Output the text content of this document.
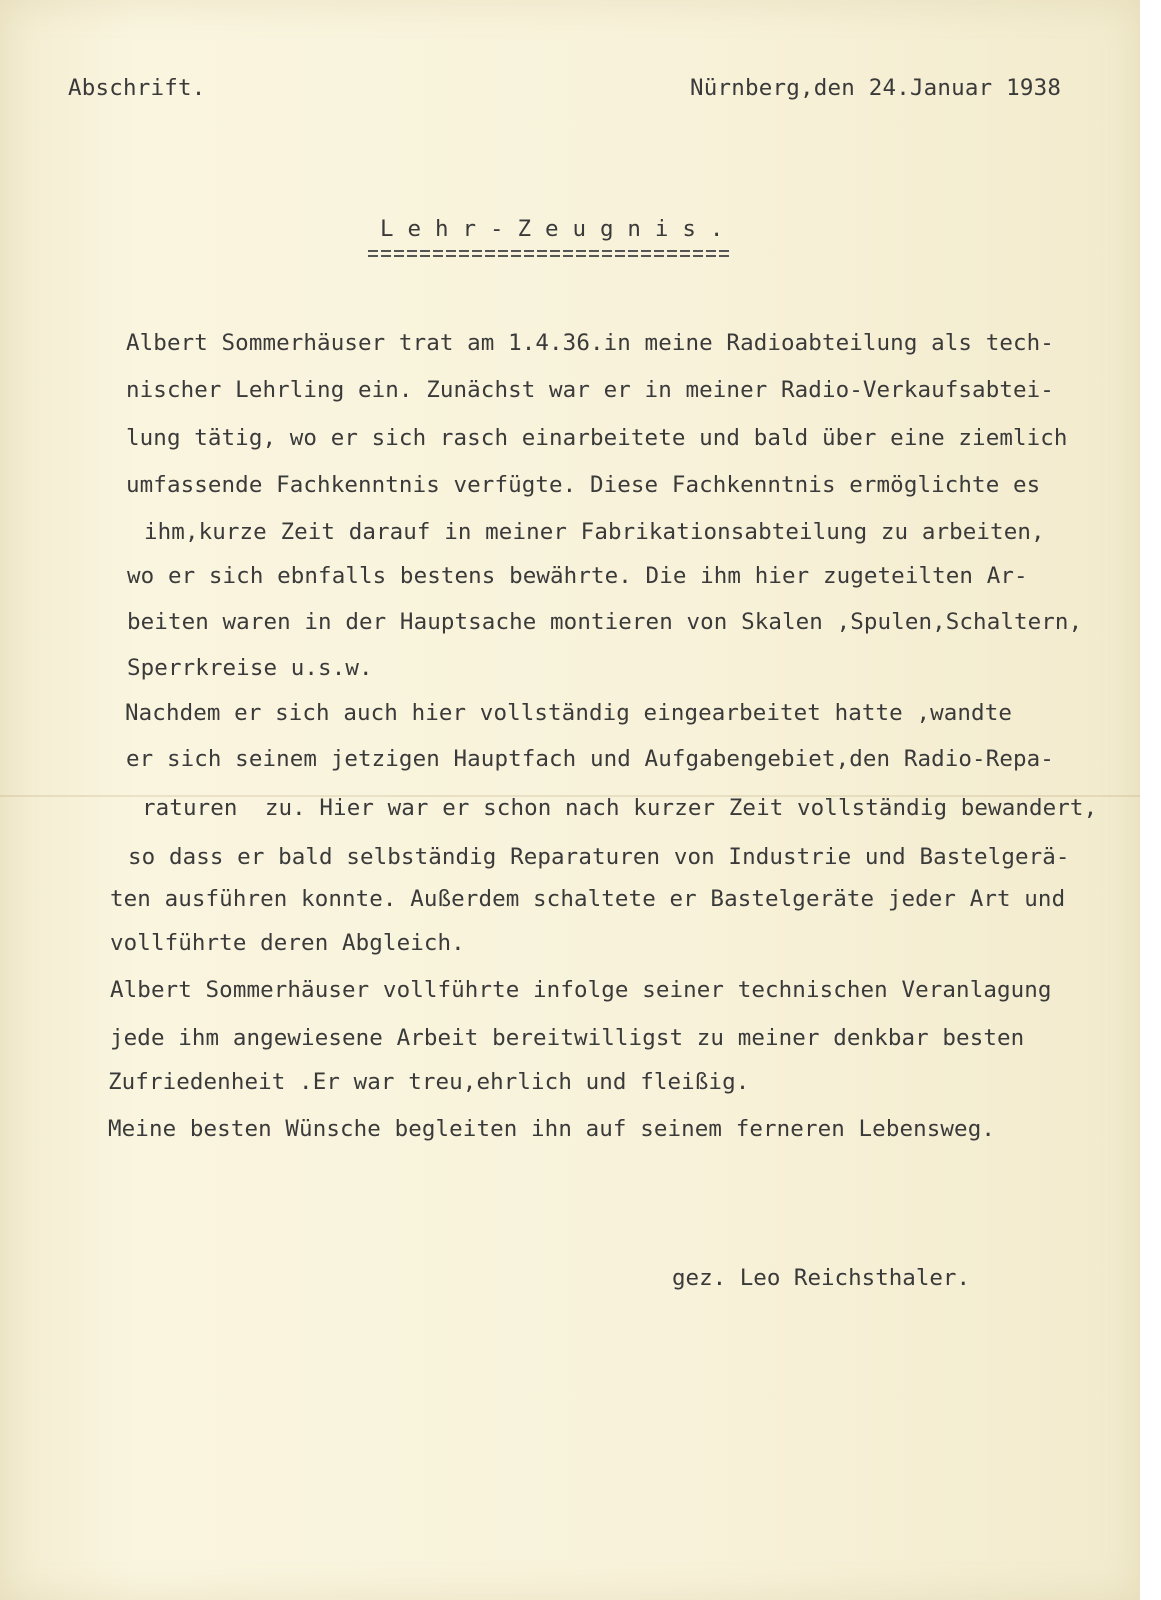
Abschrift.	Nürnberg,den 24.Januar 1938
L e h r - Z e u g n i s .
Albert Sommerhäuser trat am 1.4.36.in meine Radioabteilung als tech-
nischer Lehrling ein. Zunächst war er in meiner Radio-Verkaufsabtei-
lung tätig, wo er sich rasch einarbeitete und bald über eine ziemlich
umfassende Fachkenntnis verfügte. Diese Fachkenntnis ermöglichte es
ihm,kurze Zeit darauf in meiner Fabrikationsabteilung zu arbeiten,
wo er sich ebnfalls bestens bewährte. Die ihm hier zugeteilten Ar-
beiten waren in der Hauptsache montieren von Skalen ,Spulen,Schaltern,
Sperrkreise u.s.w.
Nachdem er sich auch hier vollständig eingearbeitet hatte ,wandte
er sich seinem jetzigen Hauptfach und Aufgabengebiet,den Radio-Repa-
raturen  zu. Hier war er schon nach kurzer Zeit vollständig bewandert,
so dass er bald selbständig Reparaturen von Industrie und Bastelgerä-
ten ausführen konnte. Außerdem schaltete er Bastelgeräte jeder Art und
vollführte deren Abgleich.
Albert Sommerhäuser vollführte infolge seiner technischen Veranlagung
jede ihm angewiesene Arbeit bereitwilligst zu meiner denkbar besten
Zufriedenheit .Er war treu,ehrlich und fleißig.
Meine besten Wünsche begleiten ihn auf seinem ferneren Lebensweg.
gez. Leo Reichsthaler.
